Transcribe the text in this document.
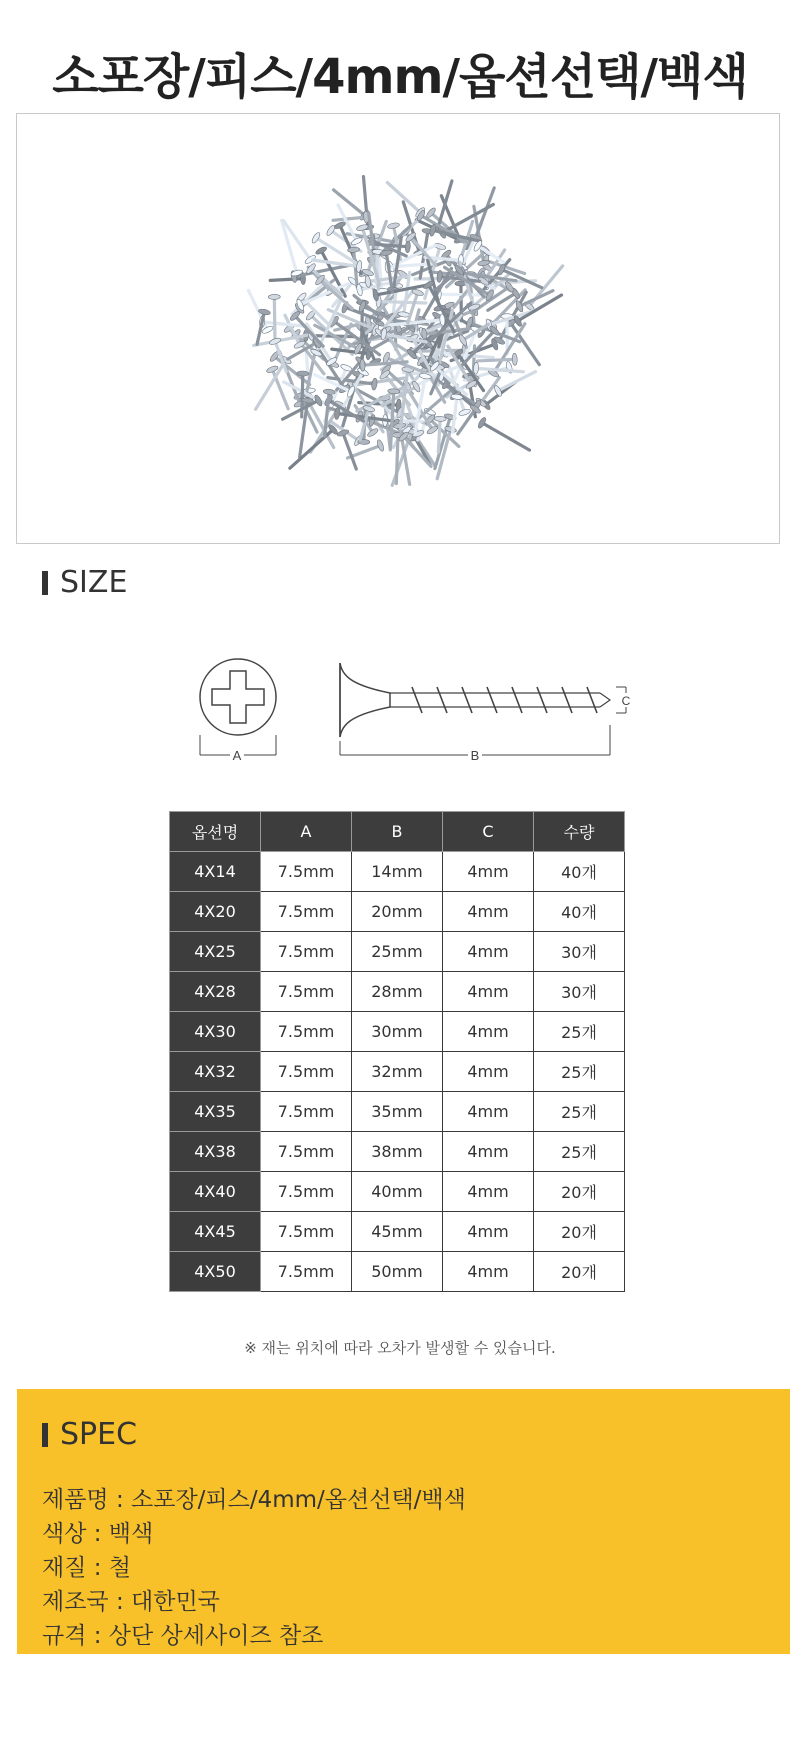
소포장/피스/4mm/옵션선택/백색
SIZE
A	B
C
옵션명	A	B	C	수량
4X14	7.5mm	14mm	4mm	40개
4X20	7.5mm	20mm	4mm	40개
4X25	7.5mm	25mm	4mm	30개
4X28	7.5mm	28mm	4mm	30개
4X30	7.5mm	30mm	4mm	25개
4X32	7.5mm	32mm	4mm	25개
4X35	7.5mm	35mm	4mm	25개
4X38	7.5mm	38mm	4mm	25개
4X40	7.5mm	40mm	4mm	20개
4X45	7.5mm	45mm	4mm	20개
4X50	7.5mm	50mm	4mm	20개
※ 재는 위치에 따라 오차가 발생할 수 있습니다.
SPEC
제품명 : 소포장/피스/4mm/옵션선택/백색
색상 : 백색
재질 : 철
제조국 : 대한민국
규격 : 상단 상세사이즈 참조
